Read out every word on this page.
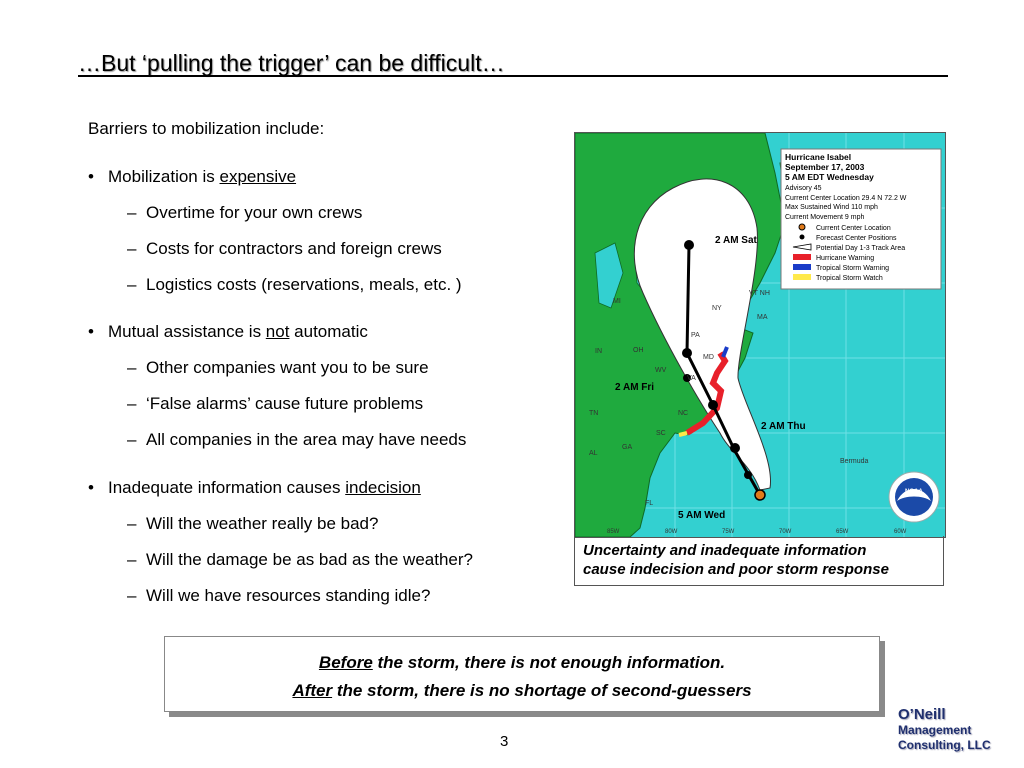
…But ‘pulling the trigger’ can be difficult…
Barriers to mobilization include:
• Mobilization is expensive
– Overtime for your own crews
– Costs for contractors and foreign crews
– Logistics costs (reservations, meals, etc. )
• Mutual assistance is not automatic
– Other companies want you to be sure
– ‘False alarms’ cause future problems
– All companies in the area may have needs
• Inadequate information causes indecision
– Will the weather really be bad?
– Will the damage be as bad as the weather?
– Will we have resources standing idle?
2 AM Sat
2 AM Fri
2 AM Thu
5 AM Wed
MI
NY
PA
OH
IN
WV
VA
NC
TN
SC
GA
AL
FL
MA
VT NH
MD
Bermuda
85W	80W	75W	70W	65W	60W
Hurricane Isabel
September 17, 2003
5 AM EDT Wednesday
Advisory 45
Current Center Location 29.4 N 72.2 W
Max Sustained Wind 110 mph
Current Movement 9 mph
Current Center Location
Forecast Center Positions
Potential Day 1-3 Track Area
Hurricane Warning
Tropical Storm Warning
Tropical Storm Watch
NOAA
Uncertainty and inadequate information
cause indecision and poor storm response
Before the storm, there is not enough information.
After the storm, there is no shortage of second-guessers
3
O’Neill
Management
Consulting, LLC
